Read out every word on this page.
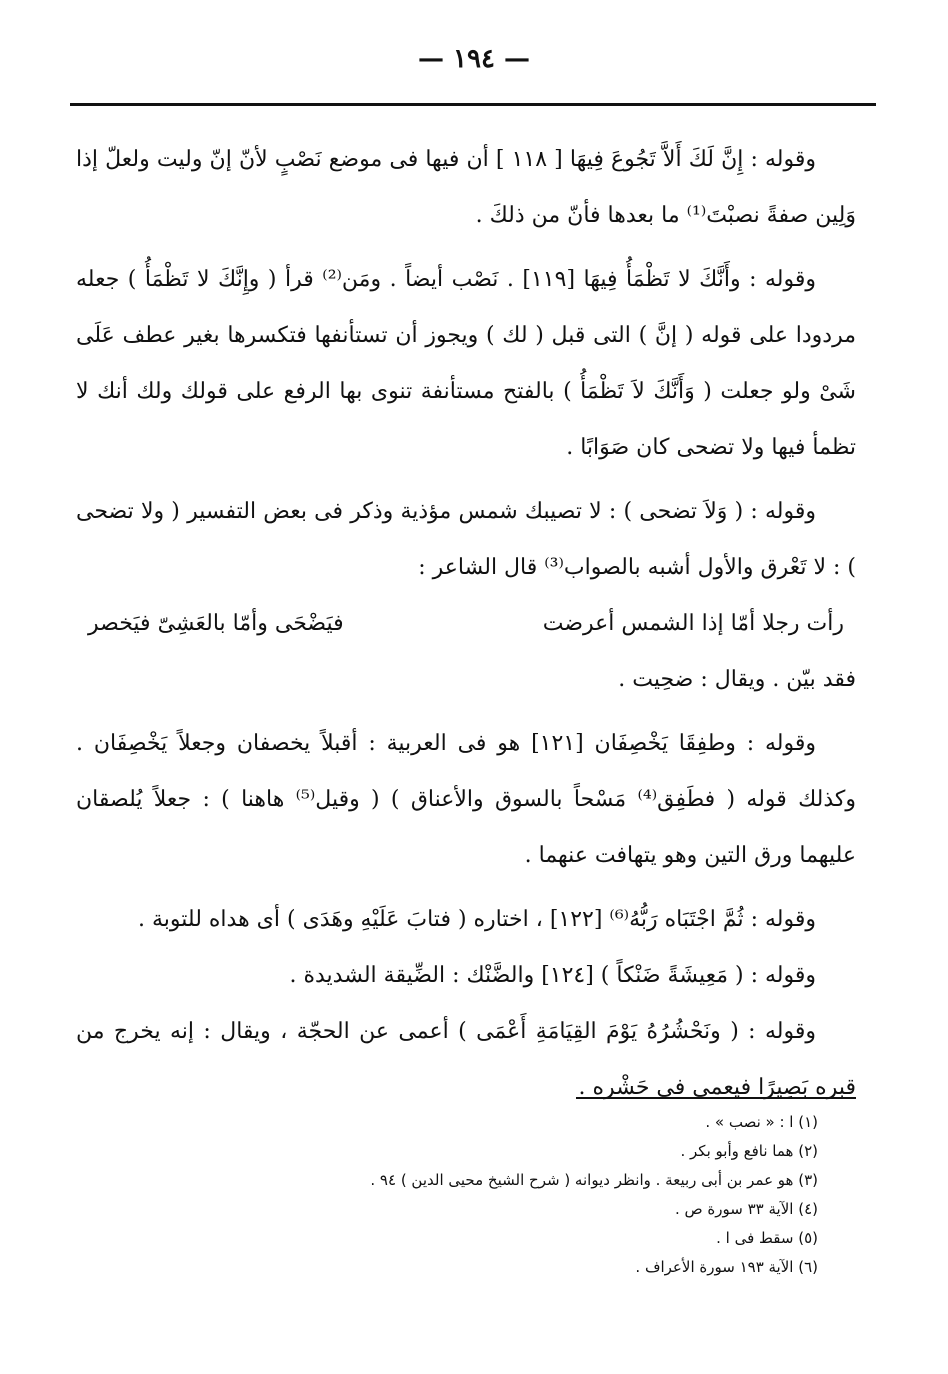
— ١٩٤ —

وقوله : إِنَّ لَكَ أَلاَّ تَجُوعَ فِيهَا [ ١١٨ ] أن فيها فى موضع نَصْبٍ لأنّ إنّ وليت ولعلّ إذا وَلِين صفةً نصبْتَ⁽¹⁾ ما بعدها فأنّ من ذلكَ .

وقوله : وأَنَّكَ لا تَظْمَأُ فِيهَا [١١٩] . نَصْب أيضاً . ومَن⁽²⁾ قرأ ( وإِنَّكَ لا تَظْمَأُ ) جعله مردودا على قوله ( إنَّ ) التى قبل ( لك ) ويجوز أن تستأنفها فتكسرها بغير عطف عَلَى شَىْ ولو جعلت ( وَأَنَّكَ لاَ تَظْمَأُ ) بالفتح مستأنفة تنوى بها الرفع على قولك ولك أنك لا تظمأ فيها ولا تضحى كان صَوَابًا .

وقوله : ( وَلاَ تضحى ) : لا تصيبك شمس مؤذية وذكر فى بعض التفسير ( ولا تضحى ) : لا تَعْرق والأول أشبه بالصواب⁽³⁾ قال الشاعر :

رأت رجلا أمّا إذا الشمس أعرضت
فيَضْحَى وأمّا بالعَشِىّ فيَخصر

فقد بيّن . ويقال : ضحِيت .

وقوله : وطفِقَا يَخْصِفَان [١٢١] هو فى العربية : أقبلاً يخصفان وجعلاً يَخْصِفَان . وكذلك قوله ( فطَفِق⁽⁴⁾ مَسْحاً بالسوق والأعناق ) ( وقيل⁽⁵⁾ هاهنا ) : جعلاً يُلصقان عليهما ورق التين وهو يتهافت عنهما .

وقوله : ثُمَّ اجْتَبَاه رَبُّهُ⁽⁶⁾ [١٢٢] ، اختاره ( فتابَ عَلَيْهِ وهَدَى ) أى هداه للتوبة .

وقوله : ( مَعِيشَةً ضَنْكاً ) [١٢٤] والضَّنْك : الضِّيقة الشديدة .

وقوله : ( ونَحْشُرُهُ يَوْمَ القِيَامَةِ أَعْمَى ) أعمى عن الحجّة ، ويقال : إنه يخرج من قبره بَصِيرًا فيعمى فى حَشْره .

(١) ا : « نصب » .
(٢) هما نافع وأبو بكر .
(٣) هو عمر بن أبى ربيعة . وانظر ديوانه ( شرح الشيخ محيى الدين ) ٩٤ .
(٤) الآية ٣٣ سورة ص .
(٥) سقط فى ا .
(٦) الآية ١٩٣ سورة الأعراف .
